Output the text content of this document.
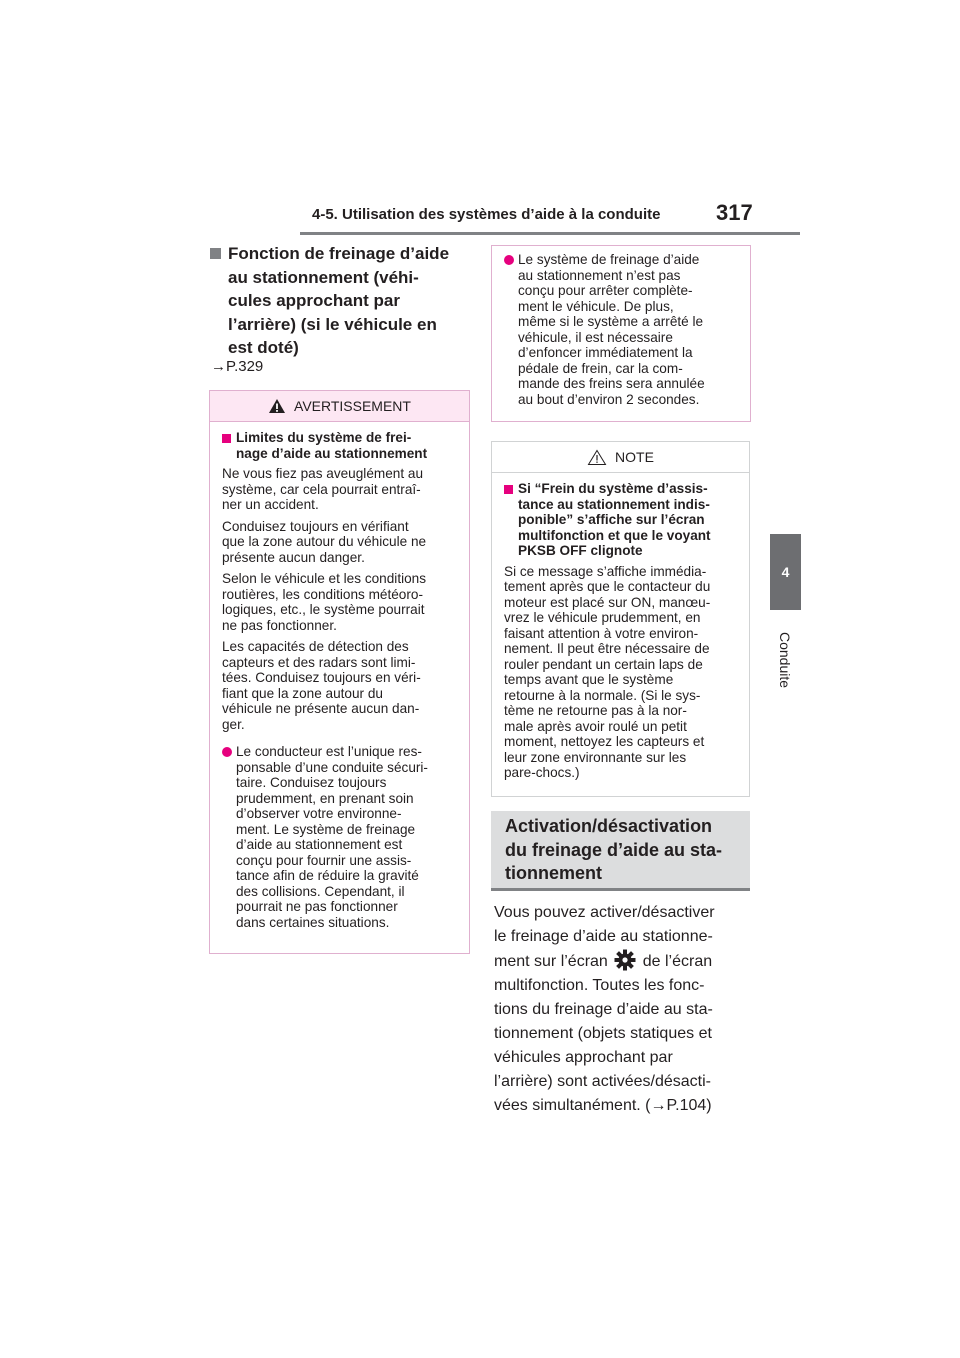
4-5. Utilisation des systèmes d’aide à la conduite	317
4
Conduite
Fonction de freinage d’aide
au stationnement (véhi-
cules approchant par
l’arrière) (si le véhicule en
est doté)
→P.329
AVERTISSEMENT
Limites du système de frei-
nage d’aide au stationnement

Ne vous fiez pas aveuglément au
système, car cela pourrait entraî-
ner un accident.

Conduisez toujours en vérifiant
que la zone autour du véhicule ne
présente aucun danger.

Selon le véhicule et les conditions
routières, les conditions météoro-
logiques, etc., le système pourrait
ne pas fonctionner.

Les capacités de détection des
capteurs et des radars sont limi-
tées. Conduisez toujours en véri-
fiant que la zone autour du
véhicule ne présente aucun dan-
ger.

Le conducteur est l’unique res-
ponsable d’une conduite sécuri-
taire. Conduisez toujours
prudemment, en prenant soin
d’observer votre environne-
ment. Le système de freinage
d’aide au stationnement est
conçu pour fournir une assis-
tance afin de réduire la gravité
des collisions. Cependant, il
pourrait ne pas fonctionner
dans certaines situations.
Le système de freinage d’aide
au stationnement n’est pas
conçu pour arrêter complète-
ment le véhicule. De plus,
même si le système a arrêté le
véhicule, il est nécessaire
d’enfoncer immédiatement la
pédale de frein, car la com-
mande des freins sera annulée
au bout d’environ 2 secondes.
NOTE
Si “Frein du système d’assis-
tance au stationnement indis-
ponible” s’affiche sur l’écran
multifonction et que le voyant
PKSB OFF clignote

Si ce message s’affiche immédia-
tement après que le contacteur du
moteur est placé sur ON, manœu-
vrez le véhicule prudemment, en
faisant attention à votre environ-
nement. Il peut être nécessaire de
rouler pendant un certain laps de
temps avant que le système
retourne à la normale. (Si le sys-
tème ne retourne pas à la nor-
male après avoir roulé un petit
moment, nettoyez les capteurs et
leur zone environnante sur les
pare-chocs.)

Activation/désactivation
du freinage d’aide au sta-
tionnement
Vous pouvez activer/désactiver
le freinage d’aide au stationne-
ment sur l’écran de l’écran
multifonction. Toutes les fonc-
tions du freinage d’aide au sta-
tionnement (objets statiques et
véhicules approchant par
l’arrière) sont activées/désacti-
vées simultanément. (→P.104)
